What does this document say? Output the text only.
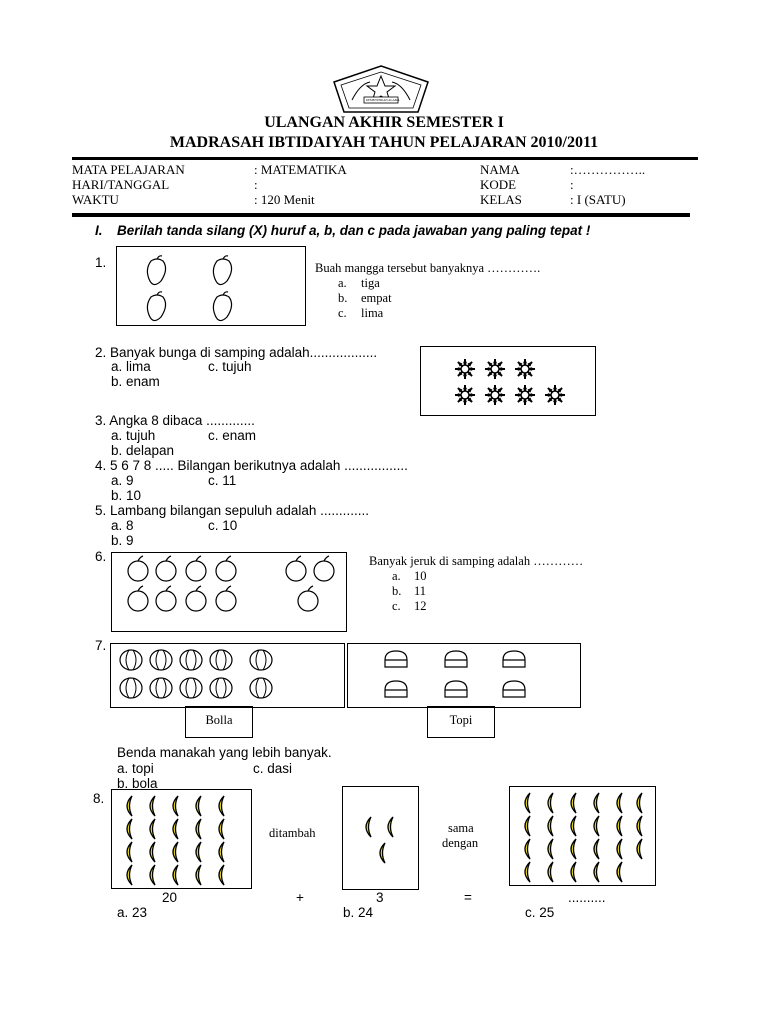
KEMENTERIAN AGAMA
ULANGAN AKHIR SEMESTER I
MADRASAH IBTIDAIYAH TAHUN PELAJARAN 2010/2011
MATA PELAJARAN	: MATEMATIKA	NAMA	:……………..
HARI/TANGGAL	:	KODE	:
WAKTU	: 120 Menit	KELAS	: I (SATU)
I. Berilah tanda silang (X) huruf a, b, dan c pada jawaban yang paling tepat !
1.	Buah mangga tersebut banyaknya ………….
a. tiga
b. empat
c. lima
2. Banyak bunga di samping adalah..................
a. lima	c. tujuh
b. enam
3. Angka 8 dibaca .............
a. tujuh	c. enam
b. delapan
4. 5 6 7 8 ..... Bilangan berikutnya adalah .................
a. 9	c. 11
b. 10
5. Lambang bilangan sepuluh adalah .............
a. 8	c. 10
b. 9
6.	Banyak jeruk di samping adalah …………
a. 10
b. 11
c. 12
7.
Bolla	Topi
Benda manakah yang lebih banyak.
a. topi	c. dasi
b. bola
8.
ditambah	sama
dengan
20	+	3	=	..........
a. 23	b. 24	c. 25
